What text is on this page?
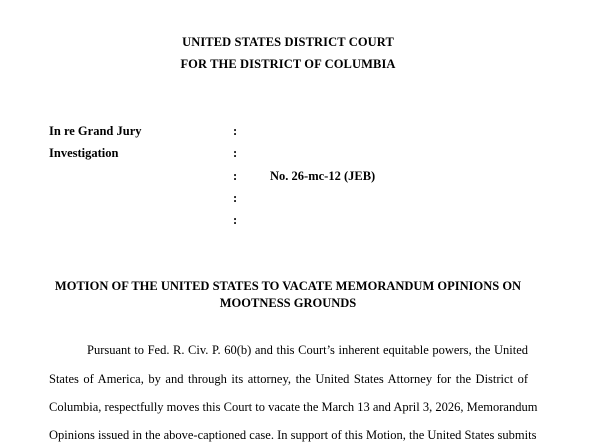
UNITED STATES DISTRICT COURT
FOR THE DISTRICT OF COLUMBIA
In re Grand Jury
Investigation
:
:
:
:
:
No. 26-mc-12 (JEB)
MOTION OF THE UNITED STATES TO VACATE MEMORANDUM OPINIONS ON MOOTNESS GROUNDS
Pursuant to Fed. R. Civ. P. 60(b) and this Court’s inherent equitable powers, the United
States of America, by and through its attorney, the United States Attorney for the District of
Columbia, respectfully moves this Court to vacate the March 13 and April 3, 2026, Memorandum
Opinions issued in the above-captioned case. In support of this Motion, the United States submits
